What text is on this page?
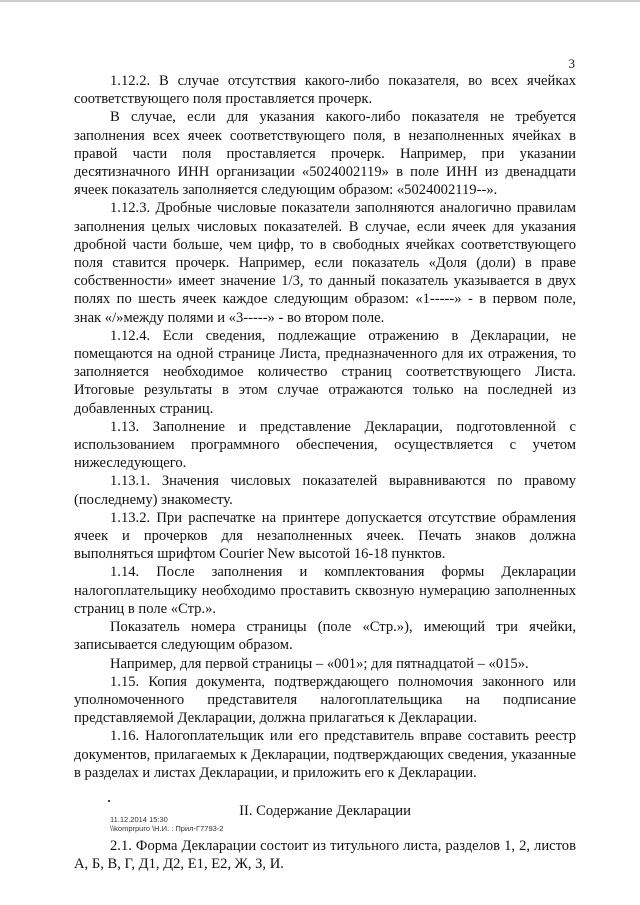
3

1.12.2. В случае отсутствия какого-либо показателя, во всех ячейках соответствующего поля проставляется прочерк.

В случае, если для указания какого-либо показателя не требуется заполнения всех ячеек соответствующего поля, в незаполненных ячейках в правой части поля проставляется прочерк. Например, при указании десятизначного ИНН организации «5024002119» в поле ИНН из двенадцати ячеек показатель заполняется следующим образом: «5024002119--».

1.12.3. Дробные числовые показатели заполняются аналогично правилам заполнения целых числовых показателей. В случае, если ячеек для указания дробной части больше, чем цифр, то в свободных ячейках соответствующего поля ставится прочерк. Например, если показатель «Доля (доли) в праве собственности» имеет значение 1/3, то данный показатель указывается в двух полях по шесть ячеек каждое следующим образом: «1-----» - в первом поле, знак «/»между полями и «3-----» - во втором поле.

1.12.4. Если сведения, подлежащие отражению в Декларации, не помещаются на одной странице Листа, предназначенного для их отражения, то заполняется необходимое количество страниц соответствующего Листа. Итоговые результаты в этом случае отражаются только на последней из добавленных страниц.

1.13. Заполнение и представление Декларации, подготовленной с использованием программного обеспечения, осуществляется с учетом нижеследующего.

1.13.1. Значения числовых показателей выравниваются по правому (последнему) знакоместу.

1.13.2. При распечатке на принтере допускается отсутствие обрамления ячеек и прочерков для незаполненных ячеек. Печать знаков должна выполняться шрифтом Courier New высотой 16-18 пунктов.

1.14. После заполнения и комплектования формы Декларации налогоплательщику необходимо проставить сквозную нумерацию заполненных страниц в поле «Стр.».

Показатель номера страницы (поле «Стр.»), имеющий три ячейки, записывается следующим образом.

Например, для первой страницы – «001»; для пятнадцатой – «015».

1.15. Копия документа, подтверждающего полномочия законного или уполномоченного представителя налогоплательщика на подписание представляемой Декларации, должна прилагаться к Декларации.

1.16. Налогоплательщик или его представитель вправе составить реестр документов, прилагаемых к Декларации, подтверждающих сведения, указанные в разделах и листах Декларации, и приложить его к Декларации.

II. Содержание Декларации

2.1. Форма Декларации состоит из титульного листа, разделов 1, 2, листов А, Б, В, Г, Д1, Д2, Е1, Е2, Ж, З, И.

11.12.2014 15:30
\\komprpuro \Н.И. : Прил-Г7793-2
